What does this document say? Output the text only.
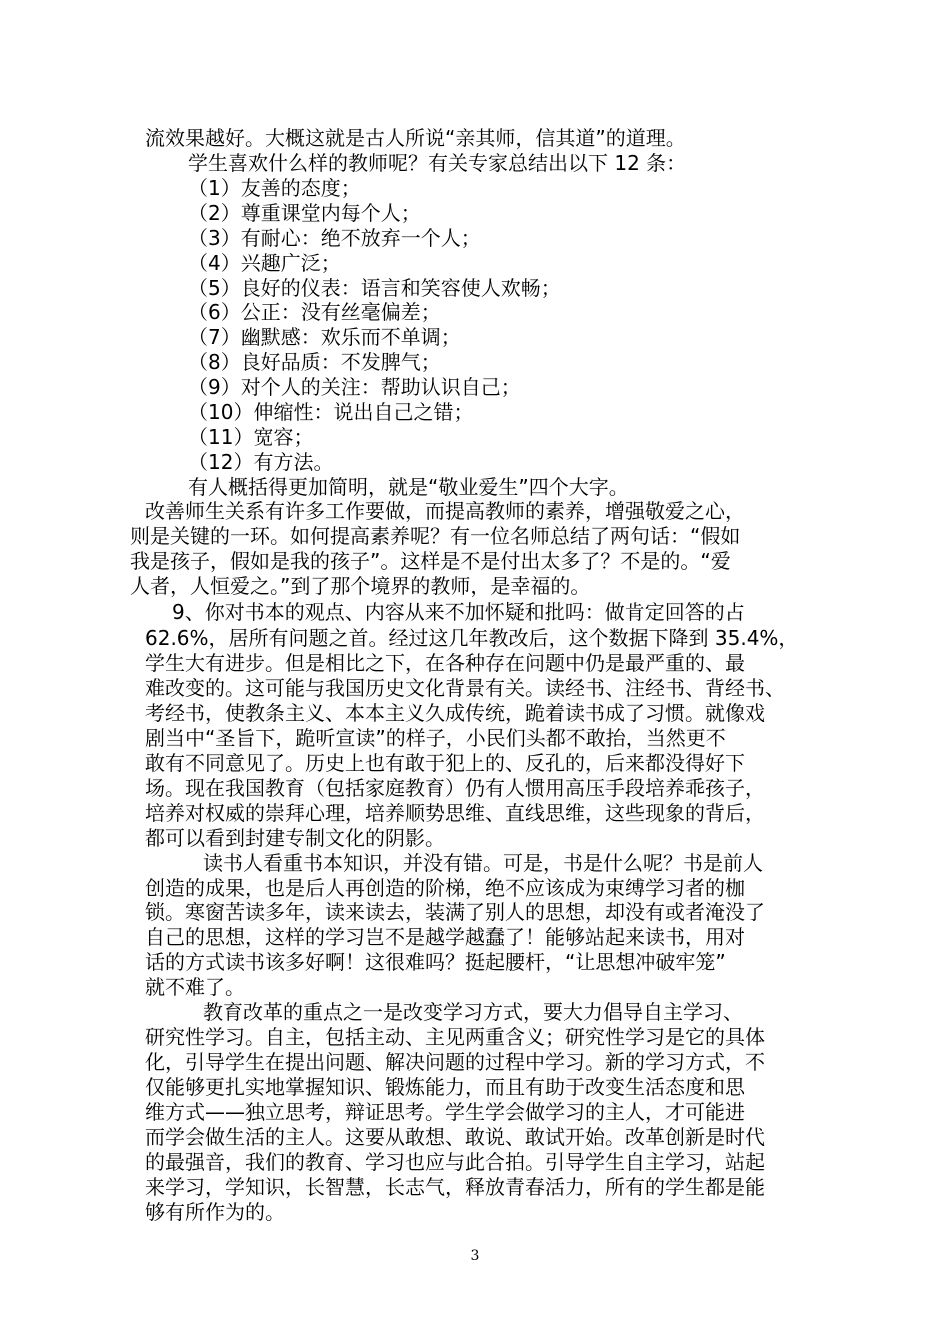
流效果越好。大概这就是古人所说“亲其师，信其道”的道理。
学生喜欢什么样的教师呢？有关专家总结出以下 12 条：
（1）友善的态度；
（2）尊重课堂内每个人；
（3）有耐心：绝不放弃一个人；
（4）兴趣广泛；
（5）良好的仪表：语言和笑容使人欢畅；
（6）公正：没有丝毫偏差；
（7）幽默感：欢乐而不单调；
（8）良好品质：不发脾气；
（9）对个人的关注：帮助认识自己；
（10）伸缩性：说出自己之错；
（11）宽容；
（12）有方法。
有人概括得更加简明，就是“敬业爱生”四个大字。
改善师生关系有许多工作要做，而提高教师的素养，增强敬爱之心，
则是关键的一环。如何提高素养呢？有一位名师总结了两句话：“假如
我是孩子，假如是我的孩子”。这样是不是付出太多了？不是的。“爱
人者，人恒爱之。”到了那个境界的教师，是幸福的。
9、你对书本的观点、内容从来不加怀疑和批吗：做肯定回答的占
62.6%，居所有问题之首。经过这几年教改后，这个数据下降到 35.4%，
学生大有进步。但是相比之下，在各种存在问题中仍是最严重的、最
难改变的。这可能与我国历史文化背景有关。读经书、注经书、背经书、
考经书，使教条主义、本本主义久成传统，跪着读书成了习惯。就像戏
剧当中“圣旨下，跪听宣读”的样子，小民们头都不敢抬，当然更不
敢有不同意见了。历史上也有敢于犯上的、反孔的，后来都没得好下
场。现在我国教育（包括家庭教育）仍有人惯用高压手段培养乖孩子，
培养对权威的崇拜心理，培养顺势思维、直线思维，这些现象的背后，
都可以看到封建专制文化的阴影。
读书人看重书本知识，并没有错。可是，书是什么呢？书是前人
创造的成果，也是后人再创造的阶梯，绝不应该成为束缚学习者的枷
锁。寒窗苦读多年，读来读去，装满了别人的思想，却没有或者淹没了
自己的思想，这样的学习岂不是越学越蠢了！能够站起来读书，用对
话的方式读书该多好啊！这很难吗？挺起腰杆，“让思想冲破牢笼”
就不难了。
教育改革的重点之一是改变学习方式，要大力倡导自主学习、
研究性学习。自主，包括主动、主见两重含义；研究性学习是它的具体
化，引导学生在提出问题、解决问题的过程中学习。新的学习方式，不
仅能够更扎实地掌握知识、锻炼能力，而且有助于改变生活态度和思
维方式——独立思考，辩证思考。学生学会做学习的主人，才可能进
而学会做生活的主人。这要从敢想、敢说、敢试开始。改革创新是时代
的最强音，我们的教育、学习也应与此合拍。引导学生自主学习，站起
来学习，学知识，长智慧，长志气，释放青春活力，所有的学生都是能
够有所作为的。
3
